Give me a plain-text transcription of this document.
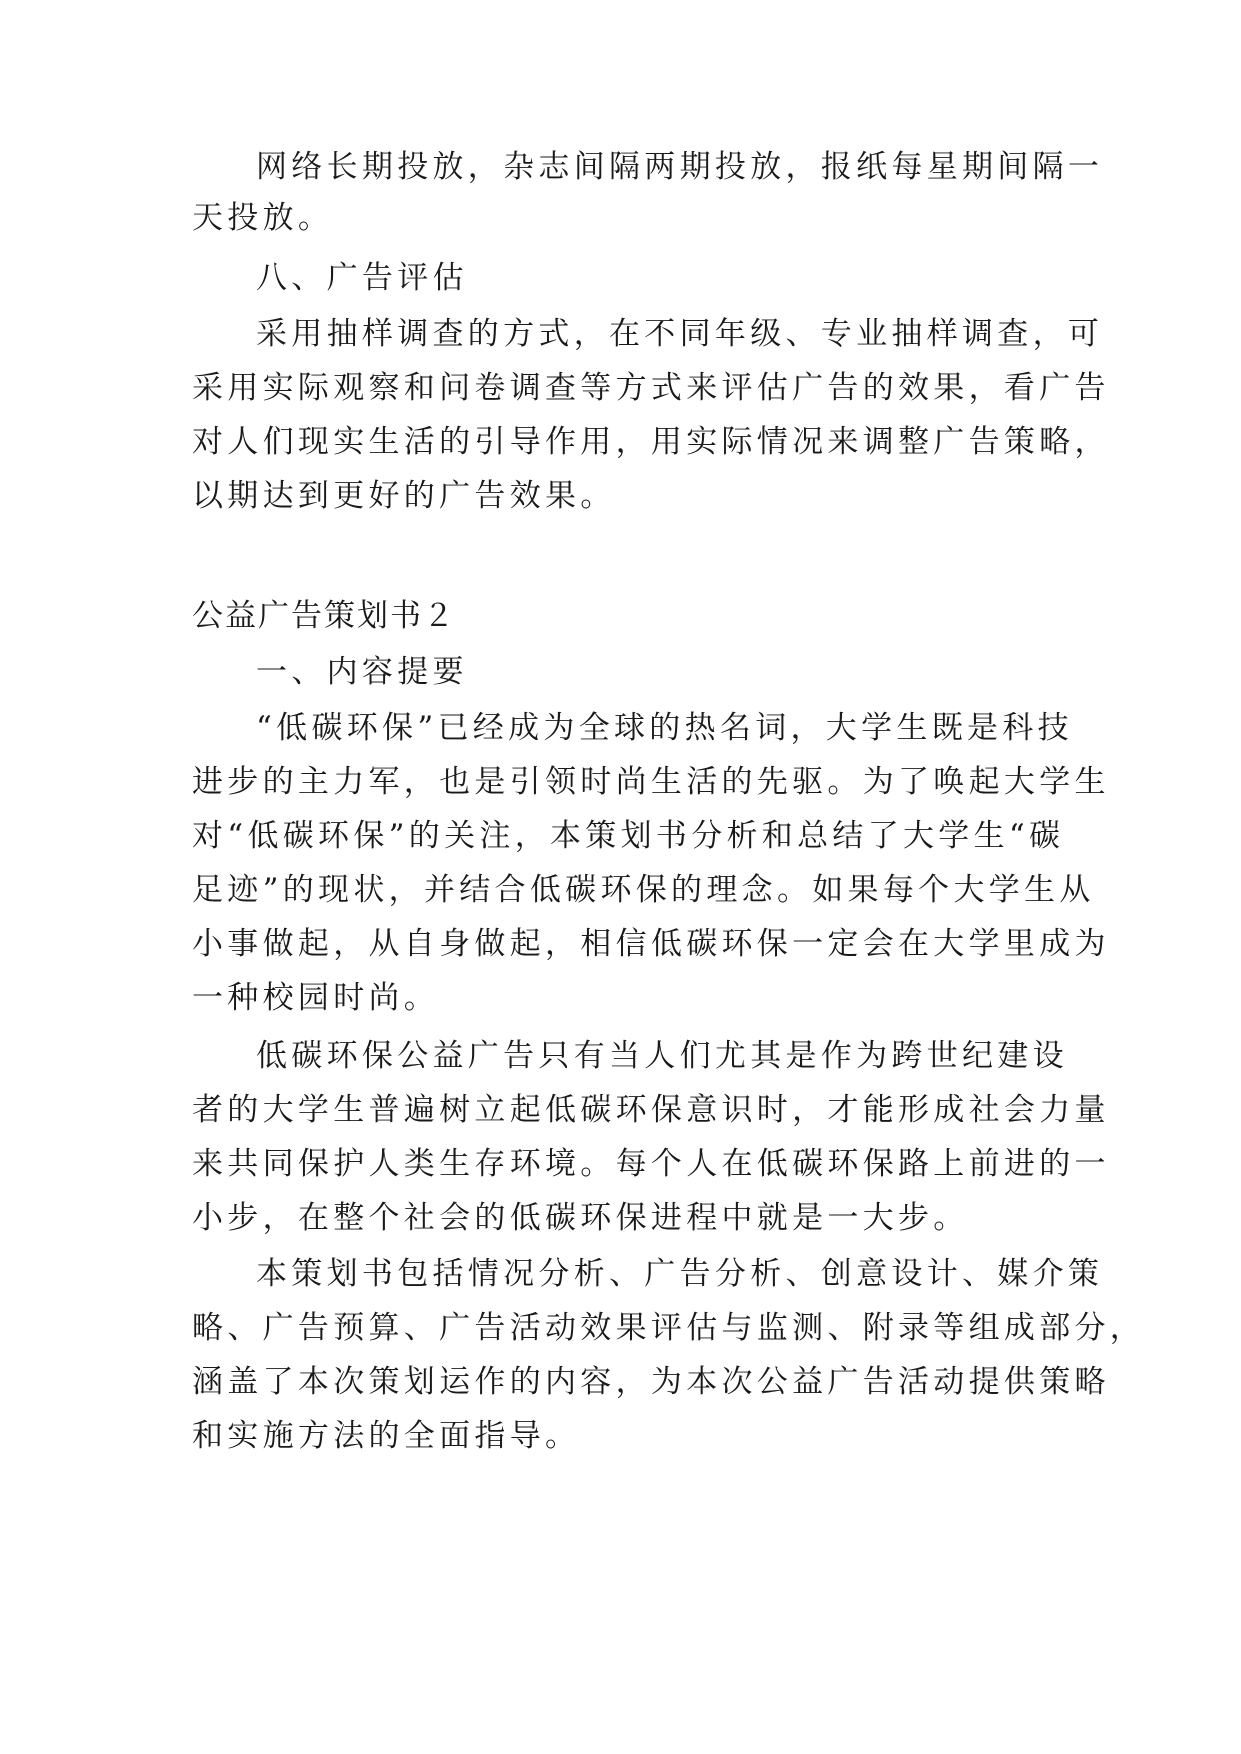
网络长期投放，杂志间隔两期投放，报纸每星期间隔一
天投放。
八、广告评估
采用抽样调查的方式，在不同年级、专业抽样调查，可
采用实际观察和问卷调查等方式来评估广告的效果，看广告
对人们现实生活的引导作用，用实际情况来调整广告策略，
以期达到更好的广告效果。
公益广告策划书２
一、内容提要
“低碳环保”已经成为全球的热名词，大学生既是科技
进步的主力军，也是引领时尚生活的先驱。为了唤起大学生
对“低碳环保”的关注，本策划书分析和总结了大学生“碳
足迹”的现状，并结合低碳环保的理念。如果每个大学生从
小事做起，从自身做起，相信低碳环保一定会在大学里成为
一种校园时尚。
低碳环保公益广告只有当人们尤其是作为跨世纪建设
者的大学生普遍树立起低碳环保意识时，才能形成社会力量
来共同保护人类生存环境。每个人在低碳环保路上前进的一
小步，在整个社会的低碳环保进程中就是一大步。
本策划书包括情况分析、广告分析、创意设计、媒介策
略、广告预算、广告活动效果评估与监测、附录等组成部分，
涵盖了本次策划运作的内容，为本次公益广告活动提供策略
和实施方法的全面指导。
